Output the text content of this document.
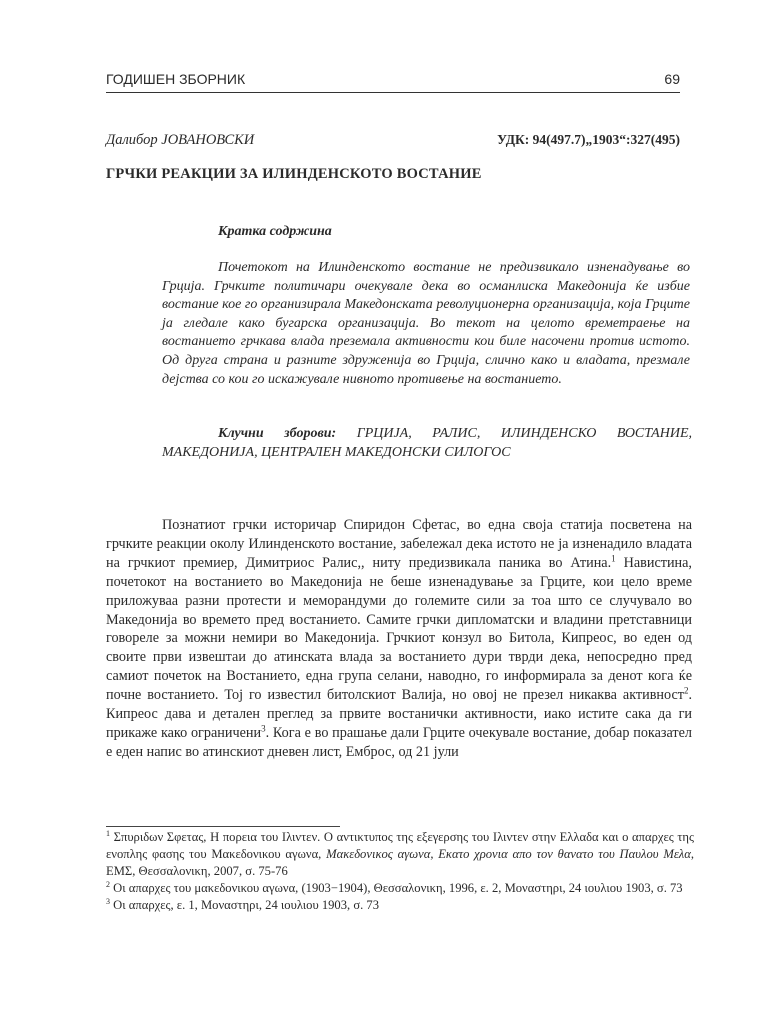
ГОДИШЕН ЗБОРНИК	69
Далибор ЈОВАНОВСКИ	УДК: 94(497.7)„1903“:327(495)
ГРЧКИ РЕАКЦИИ ЗА ИЛИНДЕНСКОТО ВОСТАНИЕ
Кратка содржина

Почетокот на Илинденското востание не предизвикало изненадување во Грција. Грчките политичари очекувале дека во османлиска Македонија ќе избие востание кое го организирала Македонската револуционерна организација, која Грците ја гледале како бугарска организација. Во текот на целото времетраење на востанието грчкава влада преземала активности кои биле насочени против истото. Од друга страна и разните здруженија во Грција, слично како и владата, презмале дејства со кои го искажувале нивното противење на востанието.

Клучни зборови: ГРЦИЈА, РАЛИС, ИЛИНДЕНСКО ВОСТАНИЕ, МАКЕДОНИЈА, ЦЕНТРАЛЕН МАКЕДОНСКИ СИЛОГОС

Познатиот грчки историчар Спиридон Сфетас, во една своја статија посветена на грчките реакции околу Илинденското востание, забележал дека истото не ја изненадило владата на грчкиот премиер, Димитриос Ралис,, ниту предизвикала паника во Атина.$^1$ Навистина, почетокот на востанието во Македонија не беше изненадување за Грците, кои цело време приложуваа разни протести и меморандуми до големите сили за тоа што се случувало во Македонија во времето пред востанието. Самите грчки дипломатски и владини претставници говореле за можни немири во Македонија. Грчкиот конзул во Битола, Кипреос, во еден од своите први извештаи до атинската влада за востанието дури тврди дека, непосредно пред самиот почеток на Востанието, една група селани, наводно, го информирала за денот кога ќе почне востанието. Тој го известил битолскиот Валија, но овој не презел никаква активност$^2$. Кипреос дава и детален преглед за првите востанички активности, иако истите сака да ги прикаже како ограничени$^3$. Кога е во прашање дали Грците очекувале востание, добар показател е еден напис во атинскиот дневен лист, Емброс, од 21 јули

$^1$ Σπυριδων Σφετας, Η πορεια του Ιλιντεν. Ο αντικτυπος της εξεγερσης του Ιλιντεν στην Ελλαδα και ο απαρχες της ενοπλης φασης του Μακεδονικου αγωνα, Μακεδονικος αγωνα, Εκατο χρονια απο τον θανατο του Παυλου Μελα, ΕΜΣ, Θεσσαλονικη, 2007, σ. 75-76

$^2$ Οι απαρχες του μακεδονικου αγωνα, (1903−1904), Θεσσαλονικη, 1996, ε. 2, Μοναστηρι, 24 ιουλιου 1903, σ. 73

$^3$ Οι απαρχες, ε. 1, Μοναστηρι, 24 ιουλιου 1903, σ. 73
